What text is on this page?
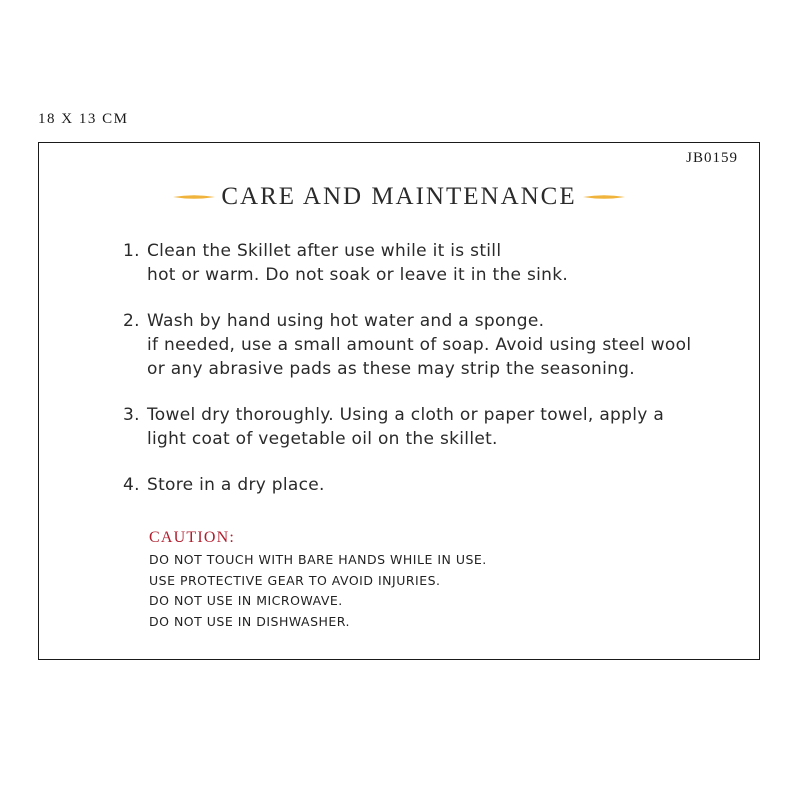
18 X 13 CM
JB0159
CARE AND MAINTENANCE
1. Clean the Skillet after use while it is still
hot or warm. Do not soak or leave it in the sink.
2. Wash by hand using hot water and a sponge.
if needed, use a small amount of soap. Avoid using steel wool
or any abrasive pads as these may strip the seasoning.
3. Towel dry thoroughly. Using a cloth or paper towel, apply a
light coat of vegetable oil on the skillet.
4. Store in a dry place.
CAUTION:
DO NOT TOUCH WITH BARE HANDS WHILE IN USE.
USE PROTECTIVE GEAR TO AVOID INJURIES.
DO NOT USE IN MICROWAVE.
DO NOT USE IN DISHWASHER.
